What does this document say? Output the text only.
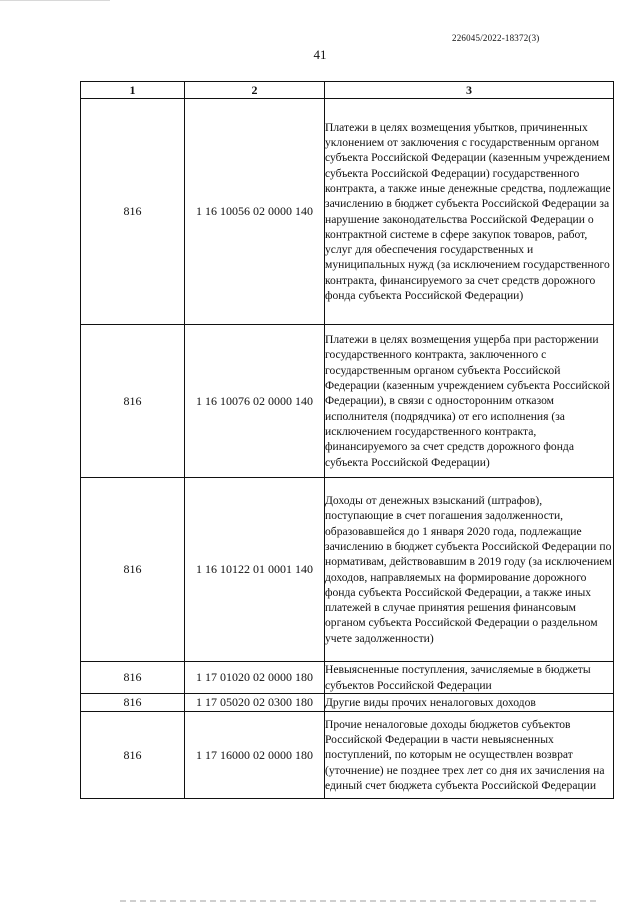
226045/2022-18372(3)
41
1	2	3
816	1 16 10056 02 0000 140	Платежи в целях возмещения убытков, причиненных уклонением от заключения с государственным органом субъекта Российской Федерации (казенным учреждением субъекта Российской Федерации) государственного контракта, а также иные денежные средства, подлежащие зачислению в бюджет субъекта Российской Федерации за нарушение законодательства Российской Федерации о контрактной системе в сфере закупок товаров, работ, услуг для обеспечения государственных и муниципальных нужд (за исключением государственного контракта, финансируемого за счет средств дорожного фонда субъекта Российской Федерации)
816	1 16 10076 02 0000 140	Платежи в целях возмещения ущерба при расторжении государственного контракта, заключенного с государственным органом субъекта Российской Федерации (казенным учреждением субъекта Российской Федерации), в связи с односторонним отказом исполнителя (подрядчика) от его исполнения (за исключением государственного контракта, финансируемого за счет средств дорожного фонда субъекта Российской Федерации)
816	1 16 10122 01 0001 140	Доходы от денежных взысканий (штрафов), поступающие в счет погашения задолженности, образовавшейся до 1 января 2020 года, подлежащие зачислению в бюджет субъекта Российской Федерации по нормативам, действовавшим в 2019 году (за исключением доходов, направляемых на формирование дорожного фонда субъекта Российской Федерации, а также иных платежей в случае принятия решения финансовым органом субъекта Российской Федерации о раздельном учете задолженности)
816	1 17 01020 02 0000 180	Невыясненные поступления, зачисляемые в бюджеты субъектов Российской Федерации
816	1 17 05020 02 0300 180	Другие виды прочих неналоговых доходов
816	1 17 16000 02 0000 180	Прочие неналоговые доходы бюджетов субъектов Российской Федерации в части невыясненных поступлений, по которым не осуществлен возврат (уточнение) не позднее трех лет со дня их зачисления на единый счет бюджета субъекта Российской Федерации
